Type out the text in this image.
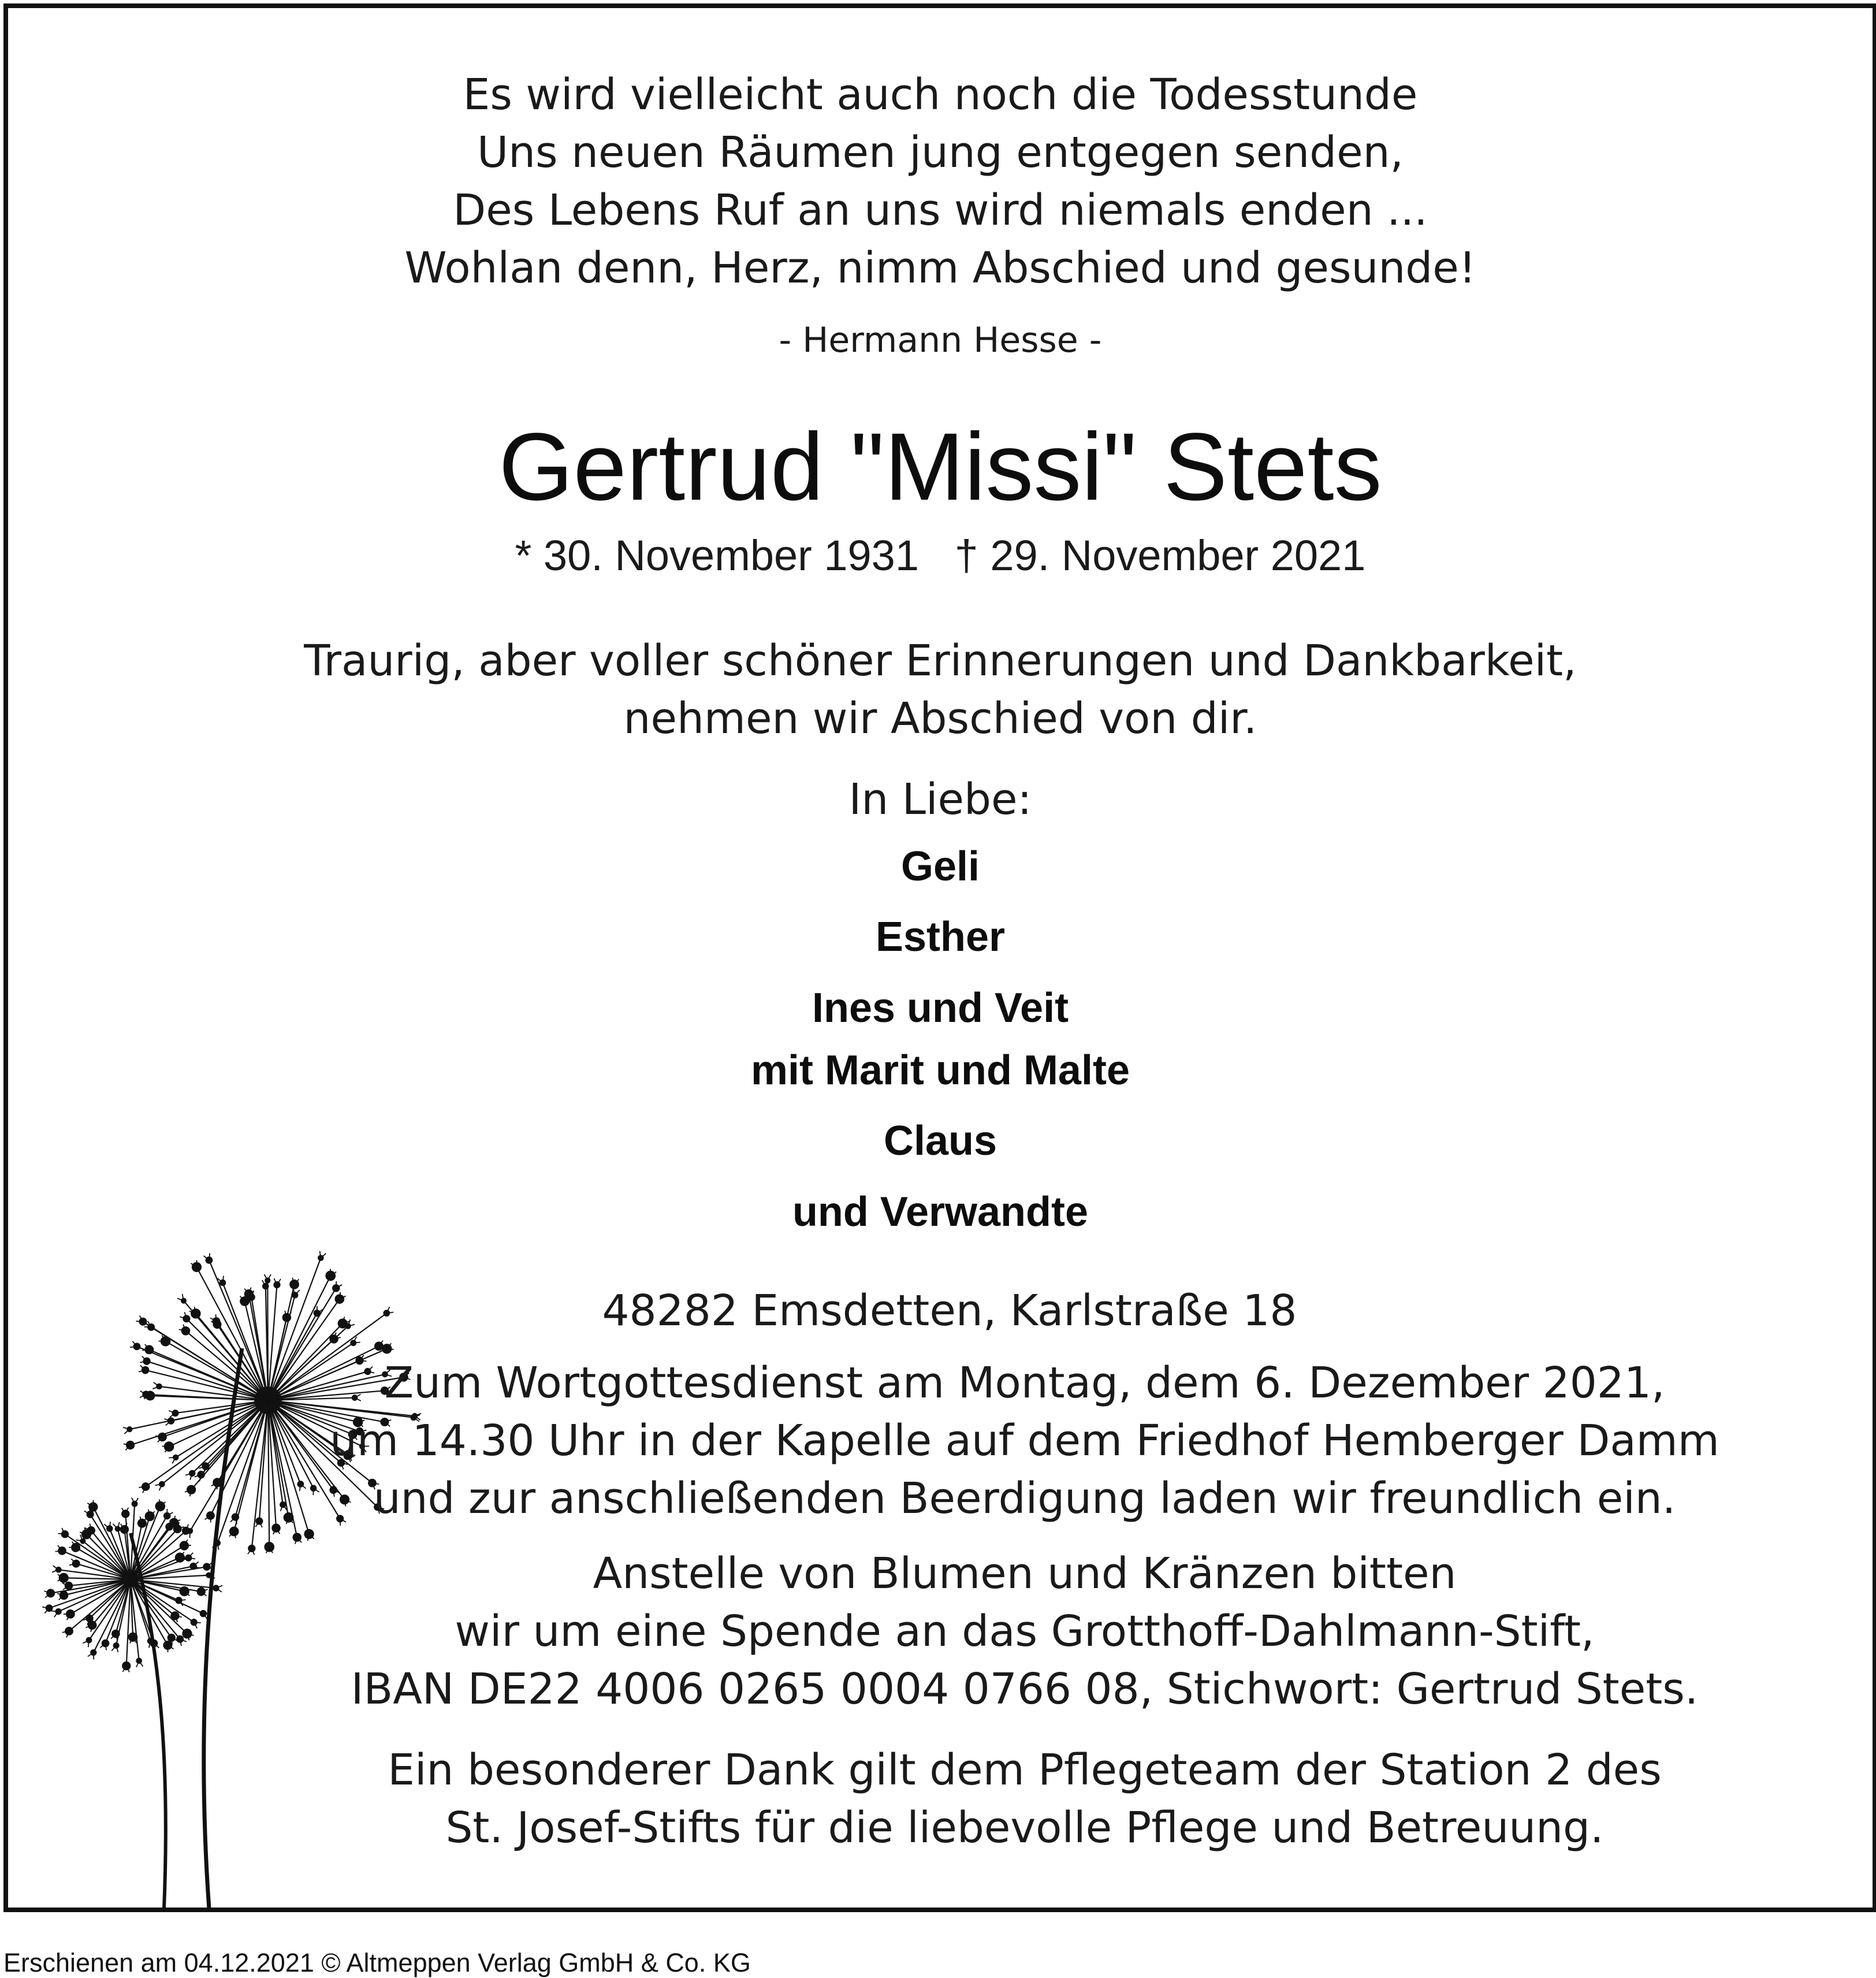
Es wird vielleicht auch noch die Todesstunde

Uns neuen Räumen jung entgegen senden,

Des Lebens Ruf an uns wird niemals enden ...

Wohlan denn, Herz, nimm Abschied und gesunde!

- Hermann Hesse -

Gertrud "Missi" Stets

* 30. November 1931   † 29. November 2021

Traurig, aber voller schöner Erinnerungen und Dankbarkeit,

nehmen wir Abschied von dir.

In Liebe:

Geli

Esther

Ines und Veit

mit Marit und Malte

Claus

und Verwandte

48282 Emsdetten, Karlstraße 18

Zum Wortgottesdienst am Montag, dem 6. Dezember 2021,

um 14.30 Uhr in der Kapelle auf dem Friedhof Hemberger Damm

und zur anschließenden Beerdigung laden wir freundlich ein.

Anstelle von Blumen und Kränzen bitten

wir um eine Spende an das Grotthoff-Dahlmann-Stift,

IBAN DE22 4006 0265 0004 0766 08, Stichwort: Gertrud Stets.

Ein besonderer Dank gilt dem Pflegeteam der Station 2 des

St. Josef-Stifts für die liebevolle Pflege und Betreuung.

Erschienen am 04.12.2021 © Altmeppen Verlag GmbH & Co. KG
